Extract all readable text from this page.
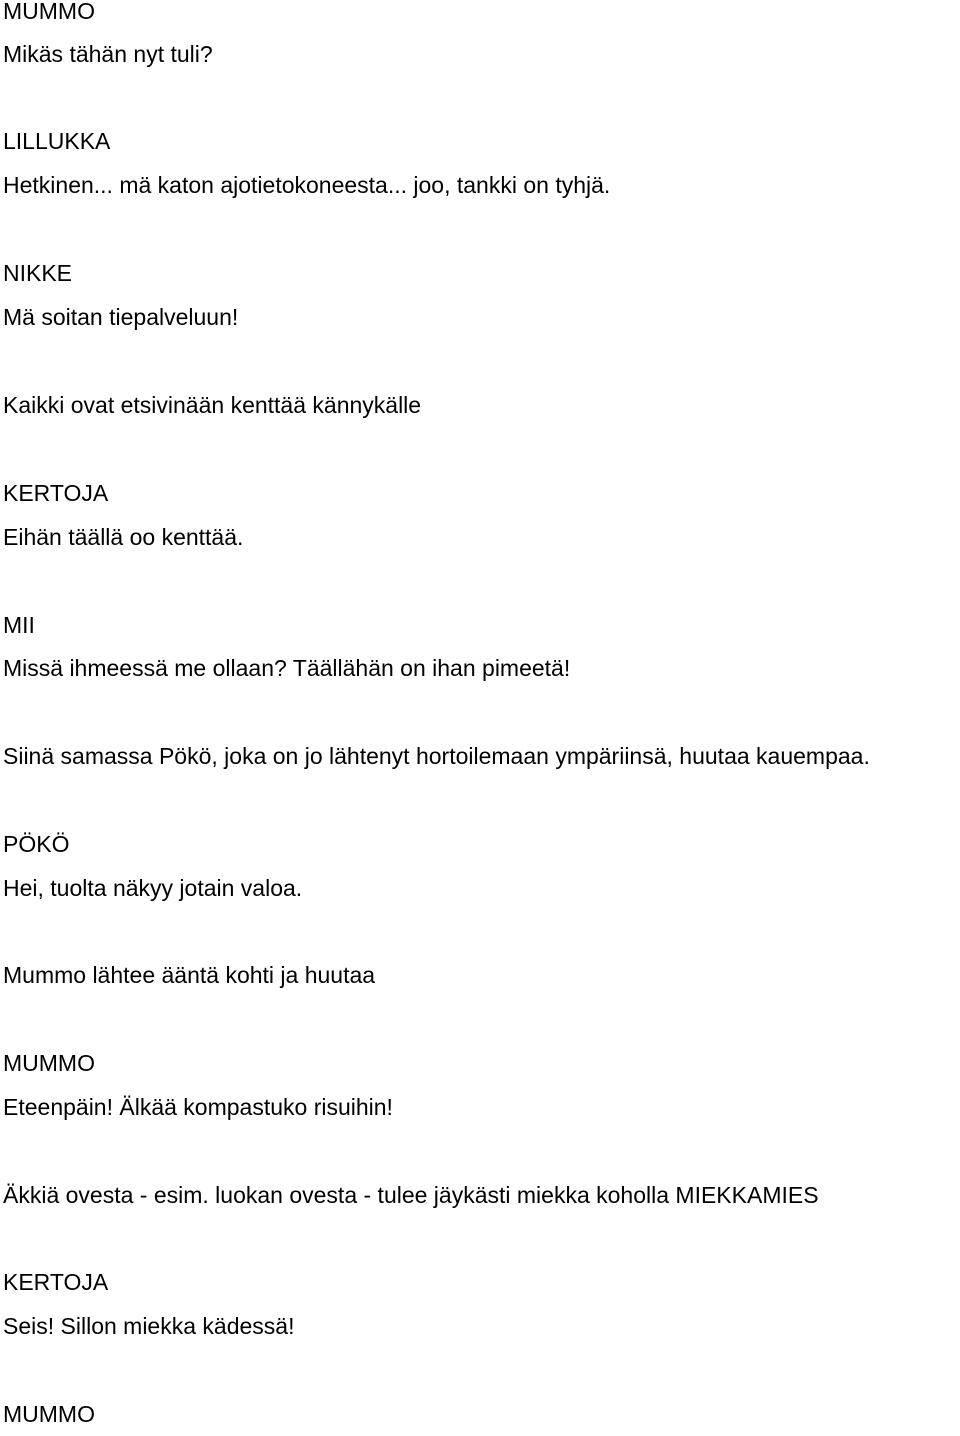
MUMMO

Mikäs tähän nyt tuli?

LILLUKKA

Hetkinen... mä katon ajotietokoneesta... joo, tankki on tyhjä.

NIKKE

Mä soitan tiepalveluun!

Kaikki ovat etsivinään kenttää kännykälle

KERTOJA

Eihän täällä oo kenttää.

MII

Missä ihmeessä me ollaan? Täällähän on ihan pimeetä!

Siinä samassa Pökö, joka on jo lähtenyt hortoilemaan ympäriinsä, huutaa kauempaa.

PÖKÖ

Hei, tuolta näkyy jotain valoa.

Mummo lähtee ääntä kohti ja huutaa

MUMMO

Eteenpäin! Älkää kompastuko risuihin!

Äkkiä ovesta - esim. luokan ovesta - tulee jäykästi miekka koholla MIEKKAMIES

KERTOJA

Seis! Sillon miekka kädessä!

MUMMO
